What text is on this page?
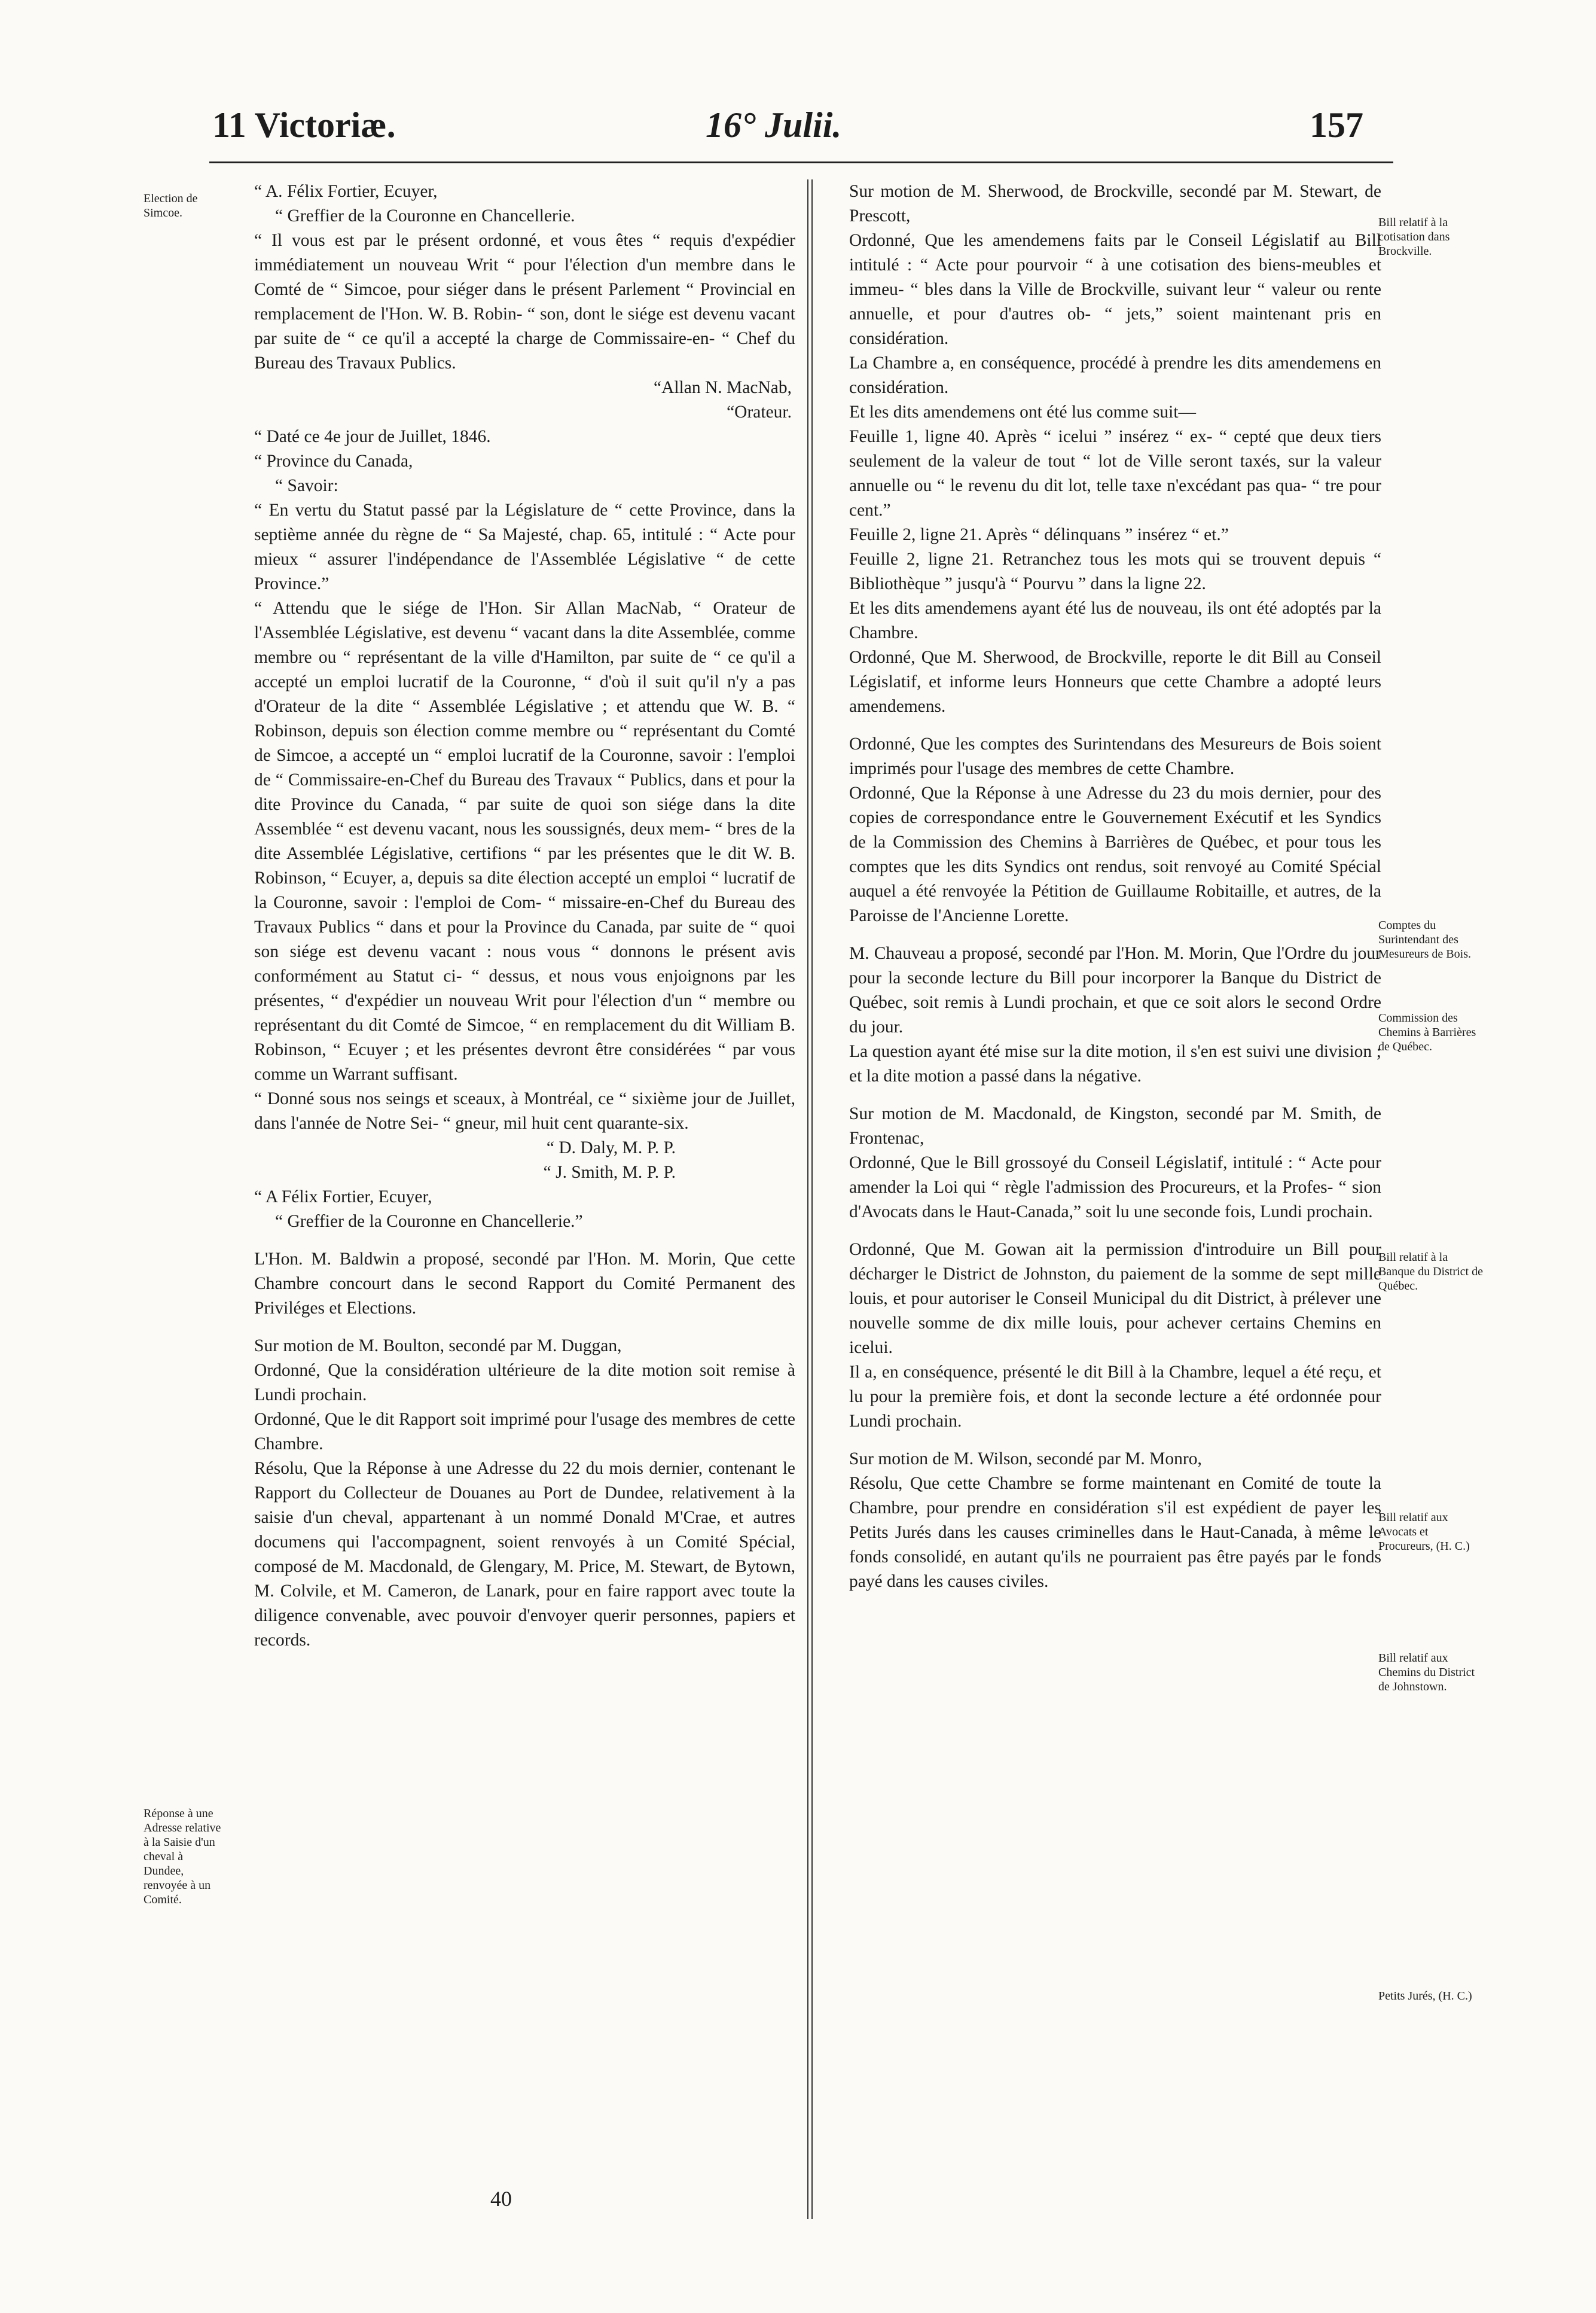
11 Victoriæ.	16° Julii.	157
Election de Simcoe.
Réponse à une Adresse relative à la Saisie d'un cheval à Dundee, renvoyée à un Comité.
Bill relatif à la cotisation dans Brockville.
Comptes du Surintendant des Mesureurs de Bois.
Commission des Chemins à Barrières de Québec.
Bill relatif à la Banque du District de Québec.
Bill relatif aux Avocats et Procureurs, (H. C.)
Bill relatif aux Chemins du District de Johnstown.
Petits Jurés, (H. C.)

“ A. Félix Fortier, Ecuyer,

“ Greffier de la Couronne en Chancellerie.

“ Il vous est par le présent ordonné, et vous êtes “ requis d'expédier immédiatement un nouveau Writ “ pour l'élection d'un membre dans le Comté de “ Simcoe, pour siéger dans le présent Parlement “ Provincial en remplacement de l'Hon. W. B. Robin- “ son, dont le siége est devenu vacant par suite de “ ce qu'il a accepté la charge de Commissaire-en- “ Chef du Bureau des Travaux Publics.

“Allan N. MacNab,

“Orateur.

“ Daté ce 4e jour de Juillet, 1846.

“ Province du Canada,

“ Savoir:

“ En vertu du Statut passé par la Législature de “ cette Province, dans la septième année du règne de “ Sa Majesté, chap. 65, intitulé : “ Acte pour mieux “ assurer l'indépendance de l'Assemblée Législative “ de cette Province.”

“ Attendu que le siége de l'Hon. Sir Allan MacNab, “ Orateur de l'Assemblée Législative, est devenu “ vacant dans la dite Assemblée, comme membre ou “ représentant de la ville d'Hamilton, par suite de “ ce qu'il a accepté un emploi lucratif de la Couronne, “ d'où il suit qu'il n'y a pas d'Orateur de la dite “ Assemblée Législative ; et attendu que W. B. “ Robinson, depuis son élection comme membre ou “ représentant du Comté de Simcoe, a accepté un “ emploi lucratif de la Couronne, savoir : l'emploi de “ Commissaire-en-Chef du Bureau des Travaux “ Publics, dans et pour la dite Province du Canada, “ par suite de quoi son siége dans la dite Assemblée “ est devenu vacant, nous les soussignés, deux mem- “ bres de la dite Assemblée Législative, certifions “ par les présentes que le dit W. B. Robinson, “ Ecuyer, a, depuis sa dite élection accepté un emploi “ lucratif de la Couronne, savoir : l'emploi de Com- “ missaire-en-Chef du Bureau des Travaux Publics “ dans et pour la Province du Canada, par suite de “ quoi son siége est devenu vacant : nous vous “ donnons le présent avis conformément au Statut ci- “ dessus, et nous vous enjoignons par les présentes, “ d'expédier un nouveau Writ pour l'élection d'un “ membre ou représentant du dit Comté de Simcoe, “ en remplacement du dit William B. Robinson, “ Ecuyer ; et les présentes devront être considérées “ par vous comme un Warrant suffisant.

“ Donné sous nos seings et sceaux, à Montréal, ce “ sixième jour de Juillet, dans l'année de Notre Sei- “ gneur, mil huit cent quarante-six.

“ D. Daly, M. P. P.

“ J. Smith, M. P. P.

“ A Félix Fortier, Ecuyer,

“ Greffier de la Couronne en Chancellerie.”

L'Hon. M. Baldwin a proposé, secondé par l'Hon. M. Morin, Que cette Chambre concourt dans le second Rapport du Comité Permanent des Priviléges et Elections.

Sur motion de M. Boulton, secondé par M. Duggan,

Ordonné, Que la considération ultérieure de la dite motion soit remise à Lundi prochain.

Ordonné, Que le dit Rapport soit imprimé pour l'usage des membres de cette Chambre.

Résolu, Que la Réponse à une Adresse du 22 du mois dernier, contenant le Rapport du Collecteur de Douanes au Port de Dundee, relativement à la saisie d'un cheval, appartenant à un nommé Donald M'Crae, et autres documens qui l'accompagnent, soient renvoyés à un Comité Spécial, composé de M. Macdonald, de Glengary, M. Price, M. Stewart, de Bytown, M. Colvile, et M. Cameron, de Lanark, pour en faire rapport avec toute la diligence convenable, avec pouvoir d'envoyer querir personnes, papiers et records.

Sur motion de M. Sherwood, de Brockville, secondé par M. Stewart, de Prescott,

Ordonné, Que les amendemens faits par le Conseil Législatif au Bill intitulé : “ Acte pour pourvoir “ à une cotisation des biens-meubles et immeu- “ bles dans la Ville de Brockville, suivant leur “ valeur ou rente annuelle, et pour d'autres ob- “ jets,” soient maintenant pris en considération.

La Chambre a, en conséquence, procédé à prendre les dits amendemens en considération.

Et les dits amendemens ont été lus comme suit—

Feuille 1, ligne 40. Après “ icelui ” insérez “ ex- “ cepté que deux tiers seulement de la valeur de tout “ lot de Ville seront taxés, sur la valeur annuelle ou “ le revenu du dit lot, telle taxe n'excédant pas qua- “ tre pour cent.”

Feuille 2, ligne 21. Après “ délinquans ” insérez “ et.”

Feuille 2, ligne 21. Retranchez tous les mots qui se trouvent depuis “ Bibliothèque ” jusqu'à “ Pourvu ” dans la ligne 22.

Et les dits amendemens ayant été lus de nouveau, ils ont été adoptés par la Chambre.

Ordonné, Que M. Sherwood, de Brockville, reporte le dit Bill au Conseil Législatif, et informe leurs Honneurs que cette Chambre a adopté leurs amendemens.

Ordonné, Que les comptes des Surintendans des Mesureurs de Bois soient imprimés pour l'usage des membres de cette Chambre.

Ordonné, Que la Réponse à une Adresse du 23 du mois dernier, pour des copies de correspondance entre le Gouvernement Exécutif et les Syndics de la Commission des Chemins à Barrières de Québec, et pour tous les comptes que les dits Syndics ont rendus, soit renvoyé au Comité Spécial auquel a été renvoyée la Pétition de Guillaume Robitaille, et autres, de la Paroisse de l'Ancienne Lorette.

M. Chauveau a proposé, secondé par l'Hon. M. Morin, Que l'Ordre du jour pour la seconde lecture du Bill pour incorporer la Banque du District de Québec, soit remis à Lundi prochain, et que ce soit alors le second Ordre du jour.

La question ayant été mise sur la dite motion, il s'en est suivi une division ; et la dite motion a passé dans la négative.

Sur motion de M. Macdonald, de Kingston, secondé par M. Smith, de Frontenac,

Ordonné, Que le Bill grossoyé du Conseil Législatif, intitulé : “ Acte pour amender la Loi qui “ règle l'admission des Procureurs, et la Profes- “ sion d'Avocats dans le Haut-Canada,” soit lu une seconde fois, Lundi prochain.

Ordonné, Que M. Gowan ait la permission d'introduire un Bill pour décharger le District de Johnston, du paiement de la somme de sept mille louis, et pour autoriser le Conseil Municipal du dit District, à prélever une nouvelle somme de dix mille louis, pour achever certains Chemins en icelui.

Il a, en conséquence, présenté le dit Bill à la Chambre, lequel a été reçu, et lu pour la première fois, et dont la seconde lecture a été ordonnée pour Lundi prochain.

Sur motion de M. Wilson, secondé par M. Monro,

Résolu, Que cette Chambre se forme maintenant en Comité de toute la Chambre, pour prendre en considération s'il est expédient de payer les Petits Jurés dans les causes criminelles dans le Haut-Canada, à même le fonds consolidé, en autant qu'ils ne pourraient pas être payés par le fonds payé dans les causes civiles.

40
